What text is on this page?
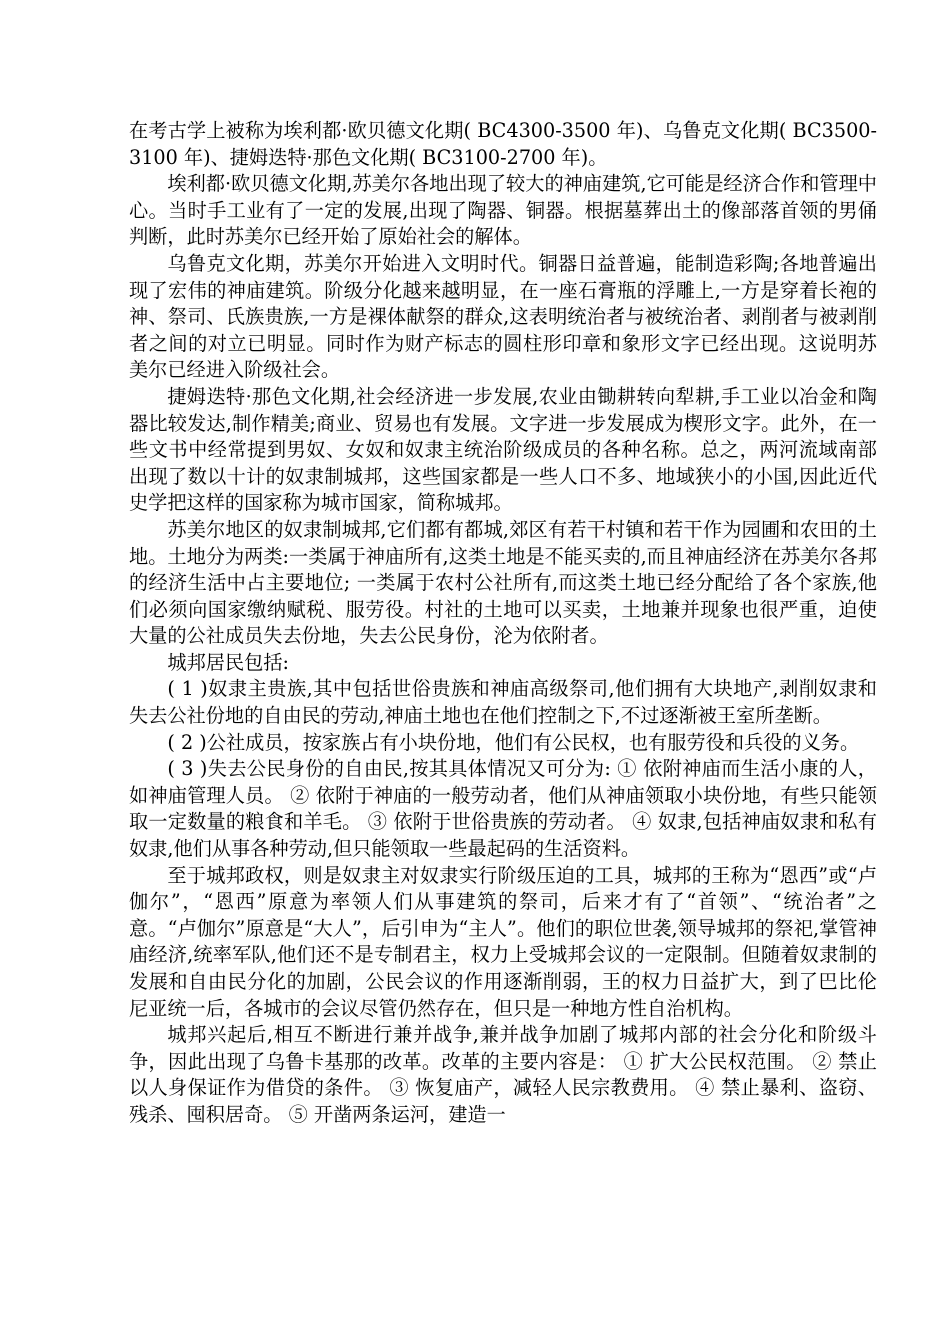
在考古学上被称为埃利都·欧贝德文化期( BC4300-3500 年)、乌鲁克文化期( BC3500-3100 年)、捷姆迭特·那色文化期( BC3100-2700 年)。

埃利都·欧贝德文化期,苏美尔各地出现了较大的神庙建筑,它可能是经济合作和管理中心。当时手工业有了一定的发展,出现了陶器、铜器。根据墓葬出土的像部落首领的男俑判断，此时苏美尔已经开始了原始社会的解体。

乌鲁克文化期，苏美尔开始进入文明时代。铜器日益普遍，能制造彩陶;各地普遍出现了宏伟的神庙建筑。阶级分化越来越明显，在一座石膏瓶的浮雕上,一方是穿着长袍的神、祭司、氏族贵族,一方是裸体献祭的群众,这表明统治者与被统治者、剥削者与被剥削者之间的对立已明显。同时作为财产标志的圆柱形印章和象形文字已经出现。这说明苏美尔已经进入阶级社会。

捷姆迭特·那色文化期,社会经济进一步发展,农业由锄耕转向犁耕,手工业以冶金和陶器比较发达,制作精美;商业、贸易也有发展。文字进一步发展成为楔形文字。此外，在一些文书中经常提到男奴、女奴和奴隶主统治阶级成员的各种名称。总之，两河流域南部出现了数以十计的奴隶制城邦，这些国家都是一些人口不多、地域狭小的小国,因此近代史学把这样的国家称为城市国家，简称城邦。

苏美尔地区的奴隶制城邦,它们都有都城,郊区有若干村镇和若干作为园圃和农田的土地。土地分为两类:一类属于神庙所有,这类土地是不能买卖的,而且神庙经济在苏美尔各邦的经济生活中占主要地位; 一类属于农村公社所有,而这类土地已经分配给了各个家族,他们必须向国家缴纳赋税、服劳役。村社的土地可以买卖，土地兼并现象也很严重，迫使大量的公社成员失去份地，失去公民身份，沦为依附者。

城邦居民包括:

( 1 )奴隶主贵族,其中包括世俗贵族和神庙高级祭司,他们拥有大块地产,剥削奴隶和失去公社份地的自由民的劳动,神庙土地也在他们控制之下,不过逐渐被王室所垄断。

( 2 )公社成员，按家族占有小块份地，他们有公民权，也有服劳役和兵役的义务。

( 3 )失去公民身份的自由民,按其具体情况又可分为: ① 依附神庙而生活小康的人，如神庙管理人员。 ② 依附于神庙的一般劳动者，他们从神庙领取小块份地，有些只能领取一定数量的粮食和羊毛。 ③ 依附于世俗贵族的劳动者。 ④ 奴隶,包括神庙奴隶和私有奴隶,他们从事各种劳动,但只能领取一些最起码的生活资料。

至于城邦政权，则是奴隶主对奴隶实行阶级压迫的工具，城邦的王称为“恩西”或“卢伽尔”，“恩西”原意为率领人们从事建筑的祭司，后来才有了“首领”、“统治者”之意。“卢伽尔”原意是“大人”，后引申为“主人”。他们的职位世袭,领导城邦的祭祀,掌管神庙经济,统率军队,他们还不是专制君主，权力上受城邦会议的一定限制。但随着奴隶制的发展和自由民分化的加剧，公民会议的作用逐渐削弱，王的权力日益扩大，到了巴比伦尼亚统一后，各城市的会议尽管仍然存在，但只是一种地方性自治机构。

城邦兴起后,相互不断进行兼并战争,兼并战争加剧了城邦内部的社会分化和阶级斗争，因此出现了乌鲁卡基那的改革。改革的主要内容是： ① 扩大公民权范围。 ② 禁止以人身保证作为借贷的条件。 ③ 恢复庙产，减轻人民宗教费用。 ④ 禁止暴利、盗窃、残杀、囤积居奇。 ⑤ 开凿两条运河，建造一
